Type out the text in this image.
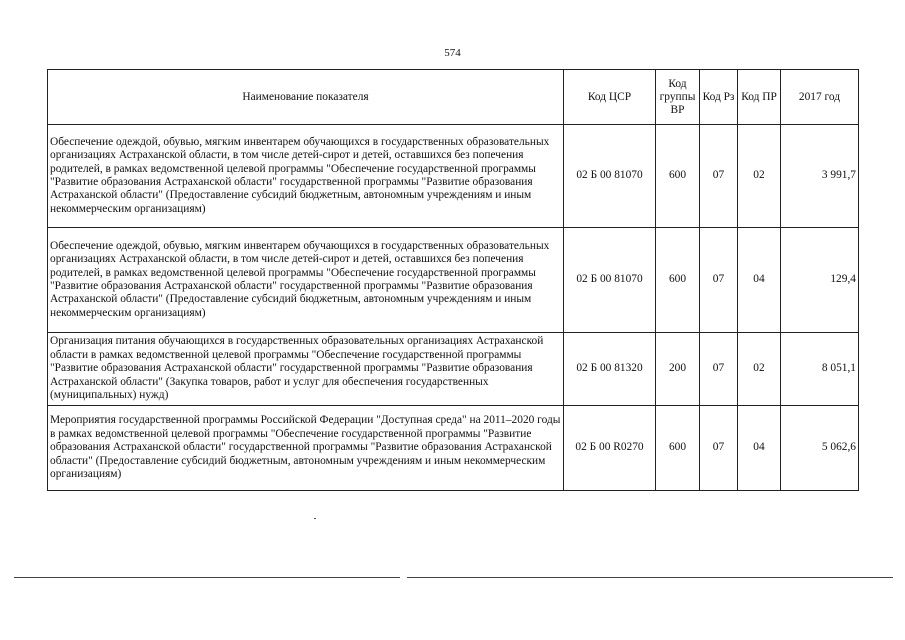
574
Наименование показателя	Код ЦСР	Код группы ВР	Код Рз	Код ПР	2017 год
Обеспечение одеждой, обувью, мягким инвентарем обучающихся в государственных образовательных организациях Астраханской области, в том числе детей-сирот и детей, оставшихся без попечения родителей, в рамках ведомственной целевой программы "Обеспечение государственной программы "Развитие образования Астраханской области" государственной программы "Развитие образования Астраханской области" (Предоставление субсидий бюджетным, автономным учреждениям и иным некоммерческим организациям)	02 Б 00 81070	600	07	02	3 991,7
Обеспечение одеждой, обувью, мягким инвентарем обучающихся в государственных образовательных организациях Астраханской области, в том числе детей-сирот и детей, оставшихся без попечения родителей, в рамках ведомственной целевой программы "Обеспечение государственной программы "Развитие образования Астраханской области" государственной программы "Развитие образования Астраханской области" (Предоставление субсидий бюджетным, автономным учреждениям и иным некоммерческим организациям)	02 Б 00 81070	600	07	04	129,4
Организация питания обучающихся в государственных образовательных организациях Астраханской области в рамках ведомственной целевой программы "Обеспечение государственной программы "Развитие образования Астраханской области" государственной программы "Развитие образования Астраханской области" (Закупка товаров, работ и услуг для обеспечения государственных (муниципальных) нужд)	02 Б 00 81320	200	07	02	8 051,1
Мероприятия государственной программы Российской Федерации "Доступная среда" на 2011–2020 годы в рамках ведомственной целевой программы "Обеспечение государственной программы "Развитие образования Астраханской области" государственной программы "Развитие образования Астраханской области" (Предоставление субсидий бюджетным, автономным учреждениям и иным некоммерческим организациям)	02 Б 00 R0270	600	07	04	5 062,6
